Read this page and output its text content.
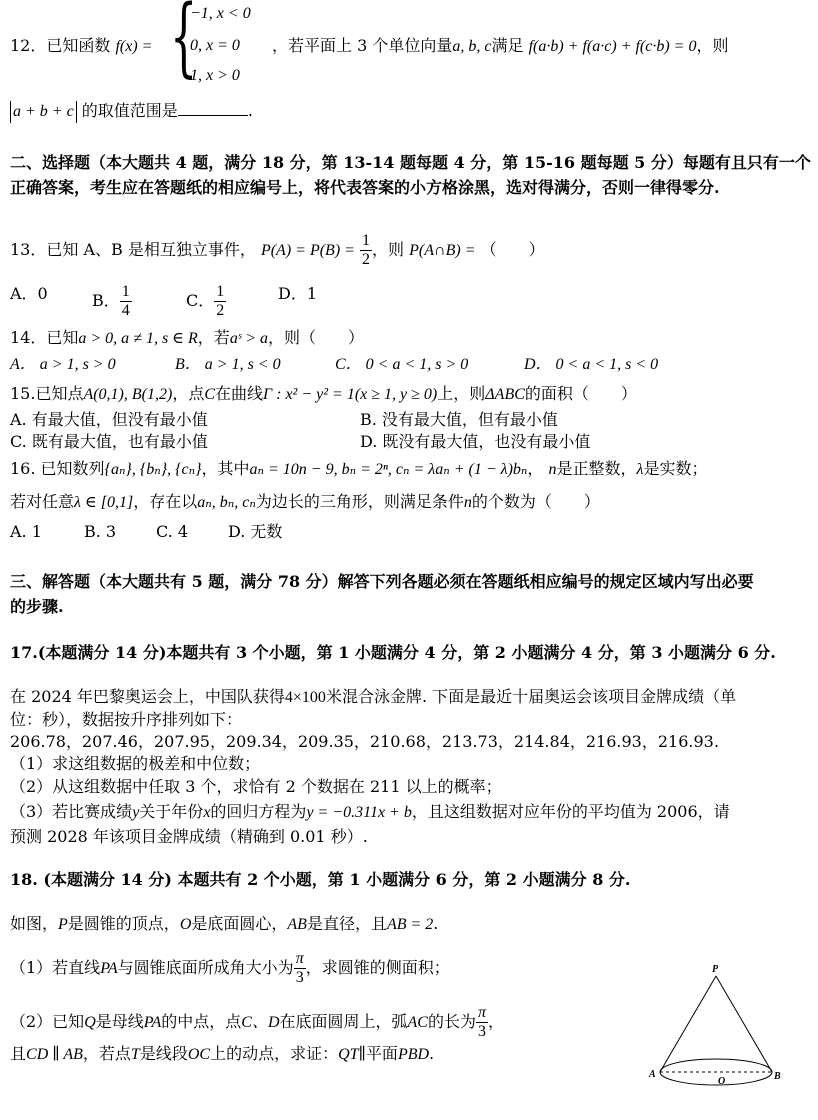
12．已知函数 f(x) = {
−1, x < 0
0, x = 0
1, x > 0
，若平面上 3 个单位向量a, b, c满足 f(a·b) + f(a·c) + f(c·b) = 0，则
a + b + c 的取值范围是	.
二、选择题（本大题共 4 题，满分 18 分，第 13-14 题每题 4 分，第 15-16 题每题 5 分）每题有且只有一个
正确答案，考生应在答题纸的相应编号上，将代表答案的小方格涂黑，选对得满分，否则一律得零分.
13．已知 A、B 是相互独立事件， $P(A) = P(B) = \frac{1}{2}$ ，则 P(A∩B) = （　　）
A．0	B． $\frac{1}{4}$	C． $\frac{1}{2}$	D．1
14．已知a > 0, a ≠ 1, s ∈ R，若aˢ > a，则（　　）
A． a > 1, s > 0	B． a > 1, s < 0	C． 0 < a < 1, s > 0	D． 0 < a < 1, s < 0
15.已知点A(0,1), B(1,2)，点C在曲线Γ : x² − y² = 1(x ≥ 1, y ≥ 0)上，则ΔABC的面积（　　）
A. 有最大值，但没有最小值	B. 没有最大值，但有最小值
C. 既有最大值，也有最小值	D. 既没有最大值，也没有最小值
16. 已知数列{aₙ}, {bₙ}, {cₙ}，其中aₙ = 10n − 9, bₙ = 2ⁿ, cₙ = λaₙ + (1 − λ)bₙ， n是正整数，λ是实数；
若对任意λ ∈ [0,1]，存在以aₙ, bₙ, cₙ为边长的三角形，则满足条件n的个数为（　　）
A. 1	B. 3 C. 4 D. 无数
三、解答题（本大题共有 5 题，满分 78 分）解答下列各题必须在答题纸相应编号的规定区域内写出必要
的步骤.
17.(本题满分 14 分)本题共有 3 个小题，第 1 小题满分 4 分，第 2 小题满分 4 分，第 3 小题满分 6 分.
在 2024 年巴黎奥运会上，中国队获得4×100米混合泳金牌. 下面是最近十届奥运会该项目金牌成绩（单
位：秒），数据按升序排列如下：
206.78，207.46，207.95，209.34，209.35，210.68，213.73，214.84，216.93，216.93.
（1）求这组数据的极差和中位数；
（2）从这组数据中任取 3 个，求恰有 2 个数据在 211 以上的概率；
（3）若比赛成绩y关于年份x的回归方程为y = −0.311x + b，且这组数据对应年份的平均值为 2006，请
预测 2028 年该项目金牌成绩（精确到 0.01 秒）.
18. (本题满分 14 分) 本题共有 2 个小题，第 1 小题满分 6 分，第 2 小题满分 8 分.
如图，P是圆锥的顶点，O是底面圆心，AB是直径，且AB = 2.
（1）若直线PA与圆锥底面所成角大小为 $\frac{\pi}{3}$ ，求圆锥的侧面积；
（2）已知Q是母线PA的中点，点C、D在底面圆周上，弧AC的长为 $\frac{\pi}{3}$ ，
且CD ∥ AB，若点T是线段OC上的动点，求证：QT∥平面PBD.
P
A	B
O
